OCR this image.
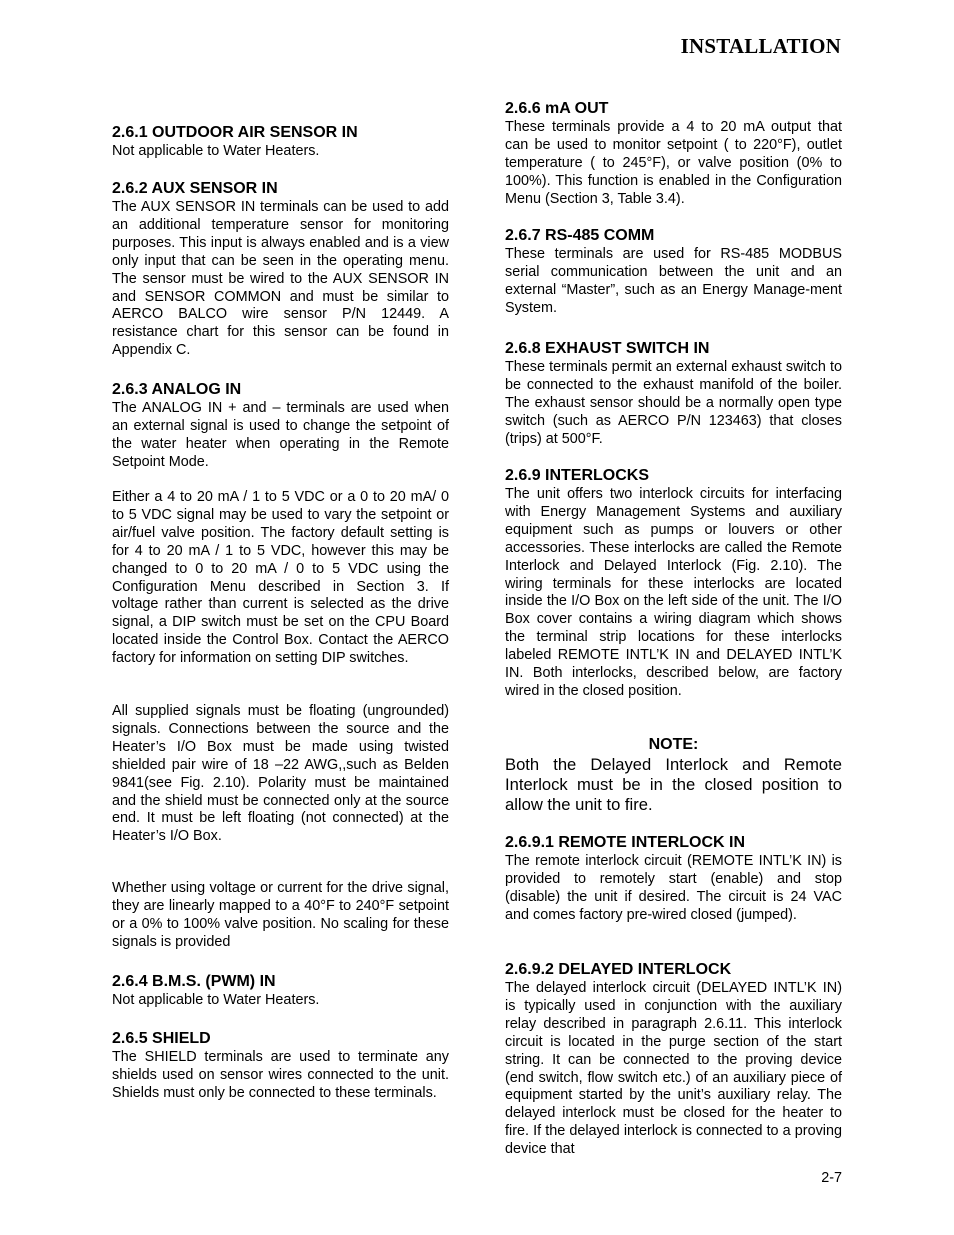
INSTALLATION
2.6.1 OUTDOOR AIR SENSOR IN

Not applicable to Water Heaters.

2.6.2 AUX SENSOR IN

The AUX SENSOR IN terminals can be used to add an additional temperature sensor for monitoring purposes. This input is always enabled and is a view only input that can be seen in the operating menu. The sensor must be wired to the AUX SENSOR IN and SENSOR COMMON and must be similar to AERCO BALCO wire sensor P/N 12449. A resistance chart for this sensor can be found in Appendix C.

2.6.3 ANALOG IN

The ANALOG IN + and – terminals are used when an external signal is used to change the setpoint of the water heater when operating in the Remote Setpoint Mode.

Either a 4 to 20 mA / 1 to 5 VDC or a 0 to 20 mA/ 0 to 5 VDC signal may be used to vary the setpoint or air/fuel valve position. The factory default setting is for 4 to 20 mA / 1 to 5 VDC, however this may be changed to 0 to 20 mA / 0 to 5 VDC using the Configuration Menu described in Section 3. If voltage rather than current is selected as the drive signal, a DIP switch must be set on the CPU Board located inside the Control Box. Contact the AERCO factory for information on setting DIP switches.

All supplied signals must be floating (ungrounded) signals. Connections between the source and the Heater’s I/O Box must be made using twisted shielded pair wire of 18 –22 AWG,,such as Belden 9841(see Fig. 2.10). Polarity must be maintained and the shield must be connected only at the source end. It must be left floating (not connected) at the Heater’s I/O Box.

Whether using voltage or current for the drive signal, they are linearly mapped to a 40°F to 240°F setpoint or a 0% to 100% valve position. No scaling for these signals is provided

2.6.4 B.M.S. (PWM) IN

Not applicable to Water Heaters.

2.6.5 SHIELD

The SHIELD terminals are used to terminate any shields used on sensor wires connected to the unit. Shields must only be connected to these terminals.

2.6.6 mA OUT

These terminals provide a 4 to 20 mA output that can be used to monitor setpoint ( to 220°F), outlet temperature ( to 245°F), or valve position (0% to 100%). This function is enabled in the Configuration Menu (Section 3, Table 3.4).

2.6.7 RS-485 COMM

These terminals are used for RS-485 MODBUS serial communication between the unit and an external “Master”, such as an Energy Manage-ment System.

2.6.8 EXHAUST SWITCH IN

These terminals permit an external exhaust switch to be connected to the exhaust manifold of the boiler. The exhaust sensor should be a normally open type switch (such as AERCO P/N 123463) that closes (trips) at 500°F.

2.6.9 INTERLOCKS

The unit offers two interlock circuits for interfacing with Energy Management Systems and auxiliary equipment such as pumps or louvers or other accessories. These interlocks are called the Remote Interlock and Delayed Interlock (Fig. 2.10). The wiring terminals for these interlocks are located inside the I/O Box on the left side of the unit. The I/O Box cover contains a wiring diagram which shows the terminal strip locations for these interlocks labeled REMOTE INTL’K IN and DELAYED INTL’K IN. Both interlocks, described below, are factory wired in the closed position.

NOTE:

Both the Delayed Interlock and Remote Interlock must be in the closed position to allow the unit to fire.

2.6.9.1 REMOTE INTERLOCK IN

The remote interlock circuit (REMOTE INTL’K IN) is provided to remotely start (enable) and stop (disable) the unit if desired. The circuit is 24 VAC and comes factory pre-wired closed (jumped).

2.6.9.2 DELAYED INTERLOCK

The delayed interlock circuit (DELAYED INTL’K IN) is typically used in conjunction with the auxiliary relay described in paragraph 2.6.11. This interlock circuit is located in the purge section of the start string. It can be connected to the proving device (end switch, flow switch etc.) of an auxiliary piece of equipment started by the unit’s auxiliary relay. The delayed interlock must be closed for the heater to fire. If the delayed interlock is connected to a proving device that

2-7
